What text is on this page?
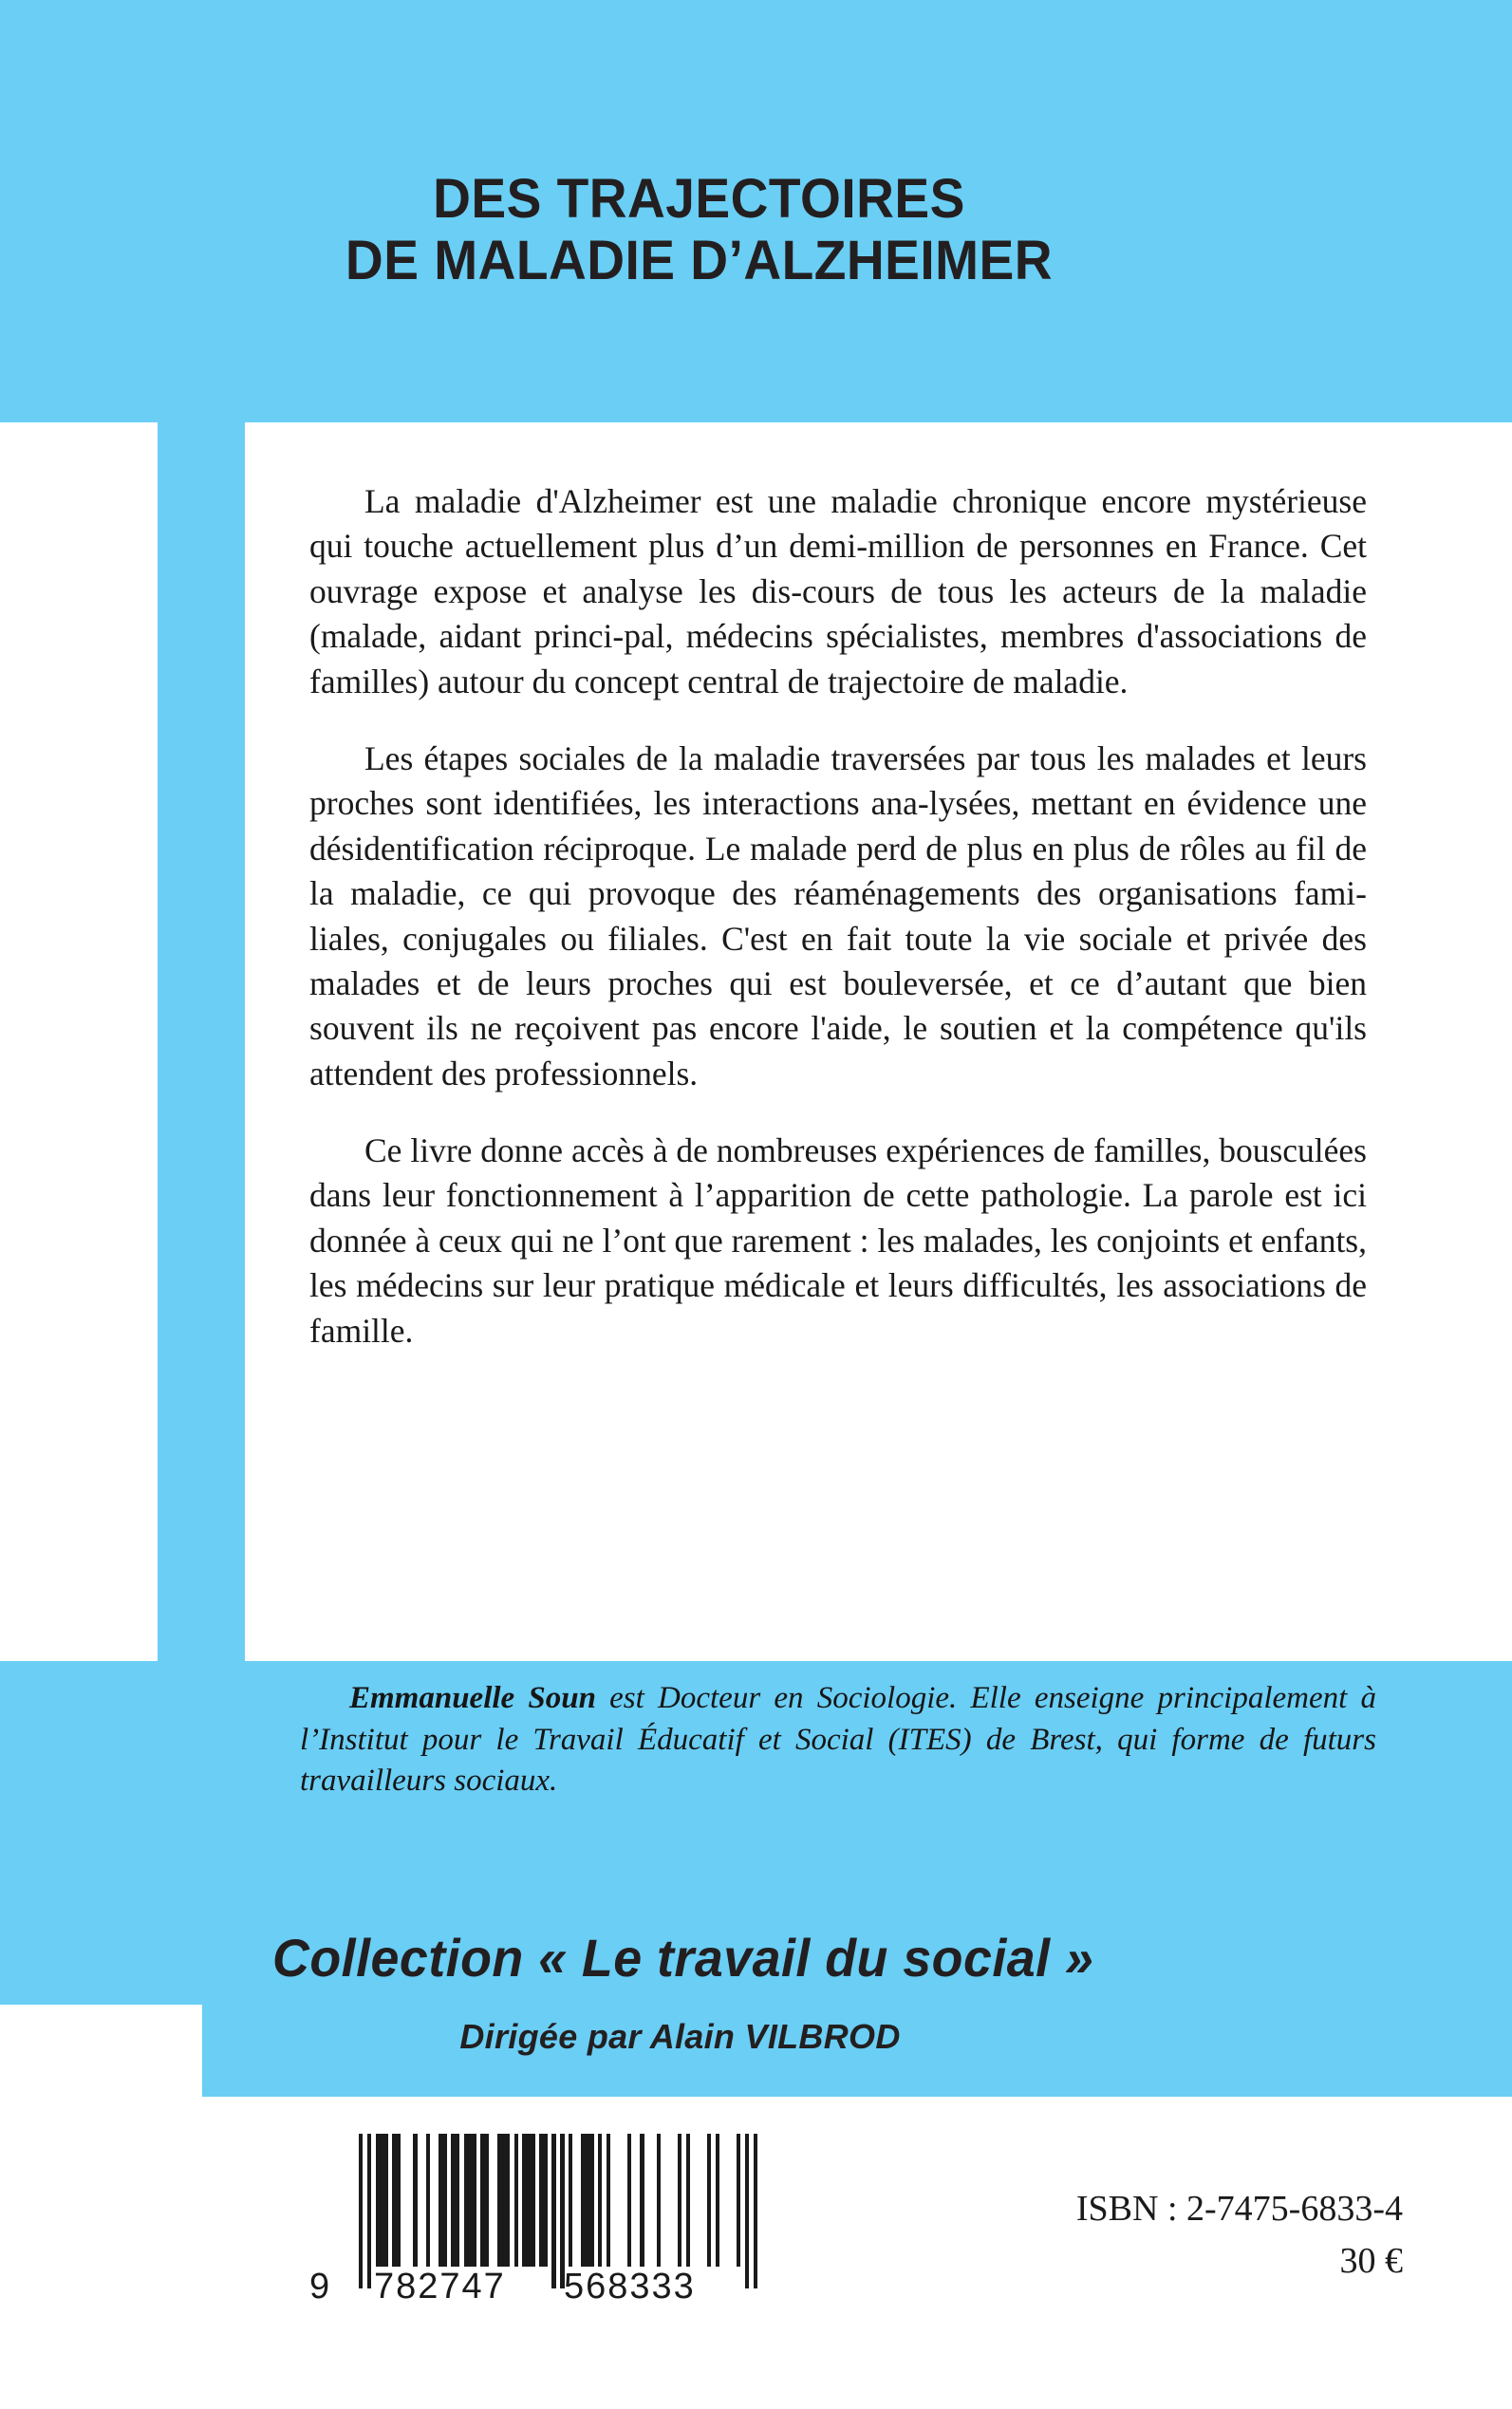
DES TRAJECTOIRES
DE MALADIE D’ALZHEIMER

La maladie d'Alzheimer est une maladie chronique encore mystérieuse qui touche actuellement plus d’un demi-million de personnes en France. Cet ouvrage expose et analyse les dis-cours de tous les acteurs de la maladie (malade, aidant princi-pal, médecins spécialistes, membres d'associations de familles) autour du concept central de trajectoire de maladie.

Les étapes sociales de la maladie traversées par tous les malades et leurs proches sont identifiées, les interactions ana-lysées, mettant en évidence une désidentification réciproque. Le malade perd de plus en plus de rôles au fil de la maladie, ce qui provoque des réaménagements des organisations fami-liales, conjugales ou filiales. C'est en fait toute la vie sociale et privée des malades et de leurs proches qui est bouleversée, et ce d’autant que bien souvent ils ne reçoivent pas encore l'aide, le soutien et la compétence qu'ils attendent des professionnels.

Ce livre donne accès à de nombreuses expériences de familles, bousculées dans leur fonctionnement à l’apparition de cette pathologie. La parole est ici donnée à ceux qui ne l’ont que rarement : les malades, les conjoints et enfants, les médecins sur leur pratique médicale et leurs difficultés, les associations de famille.

Emmanuelle Soun est Docteur en Sociologie. Elle enseigne principalement à l’Institut pour le Travail Éducatif et Social (ITES) de Brest, qui forme de futurs travailleurs sociaux.
Collection « Le travail du social »
Dirigée par Alain VILBROD
9 782747 568333
ISBN : 2-7475-6833-4
30 €
